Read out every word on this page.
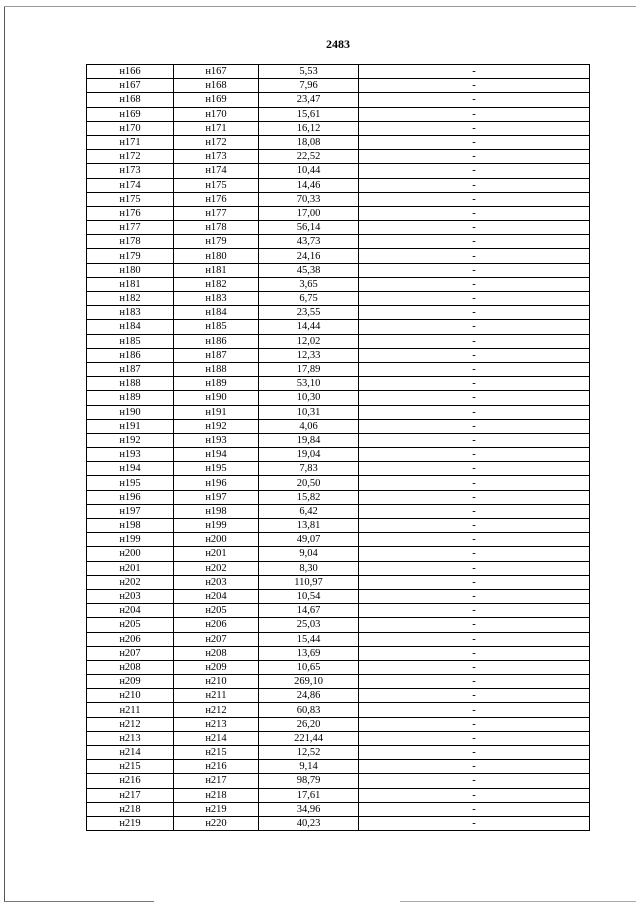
2483
н166	н167	5,53	-
н167	н168	7,96	-
н168	н169	23,47	-
н169	н170	15,61	-
н170	н171	16,12	-
н171	н172	18,08	-
н172	н173	22,52	-
н173	н174	10,44	-
н174	н175	14,46	-
н175	н176	70,33	-
н176	н177	17,00	-
н177	н178	56,14	-
н178	н179	43,73	-
н179	н180	24,16	-
н180	н181	45,38	-
н181	н182	3,65	-
н182	н183	6,75	-
н183	н184	23,55	-
н184	н185	14,44	-
н185	н186	12,02	-
н186	н187	12,33	-
н187	н188	17,89	-
н188	н189	53,10	-
н189	н190	10,30	-
н190	н191	10,31	-
н191	н192	4,06	-
н192	н193	19,84	-
н193	н194	19,04	-
н194	н195	7,83	-
н195	н196	20,50	-
н196	н197	15,82	-
н197	н198	6,42	-
н198	н199	13,81	-
н199	н200	49,07	-
н200	н201	9,04	-
н201	н202	8,30	-
н202	н203	110,97	-
н203	н204	10,54	-
н204	н205	14,67	-
н205	н206	25,03	-
н206	н207	15,44	-
н207	н208	13,69	-
н208	н209	10,65	-
н209	н210	269,10	-
н210	н211	24,86	-
н211	н212	60,83	-
н212	н213	26,20	-
н213	н214	221,44	-
н214	н215	12,52	-
н215	н216	9,14	-
н216	н217	98,79	-
н217	н218	17,61	-
н218	н219	34,96	-
н219	н220	40,23	-
